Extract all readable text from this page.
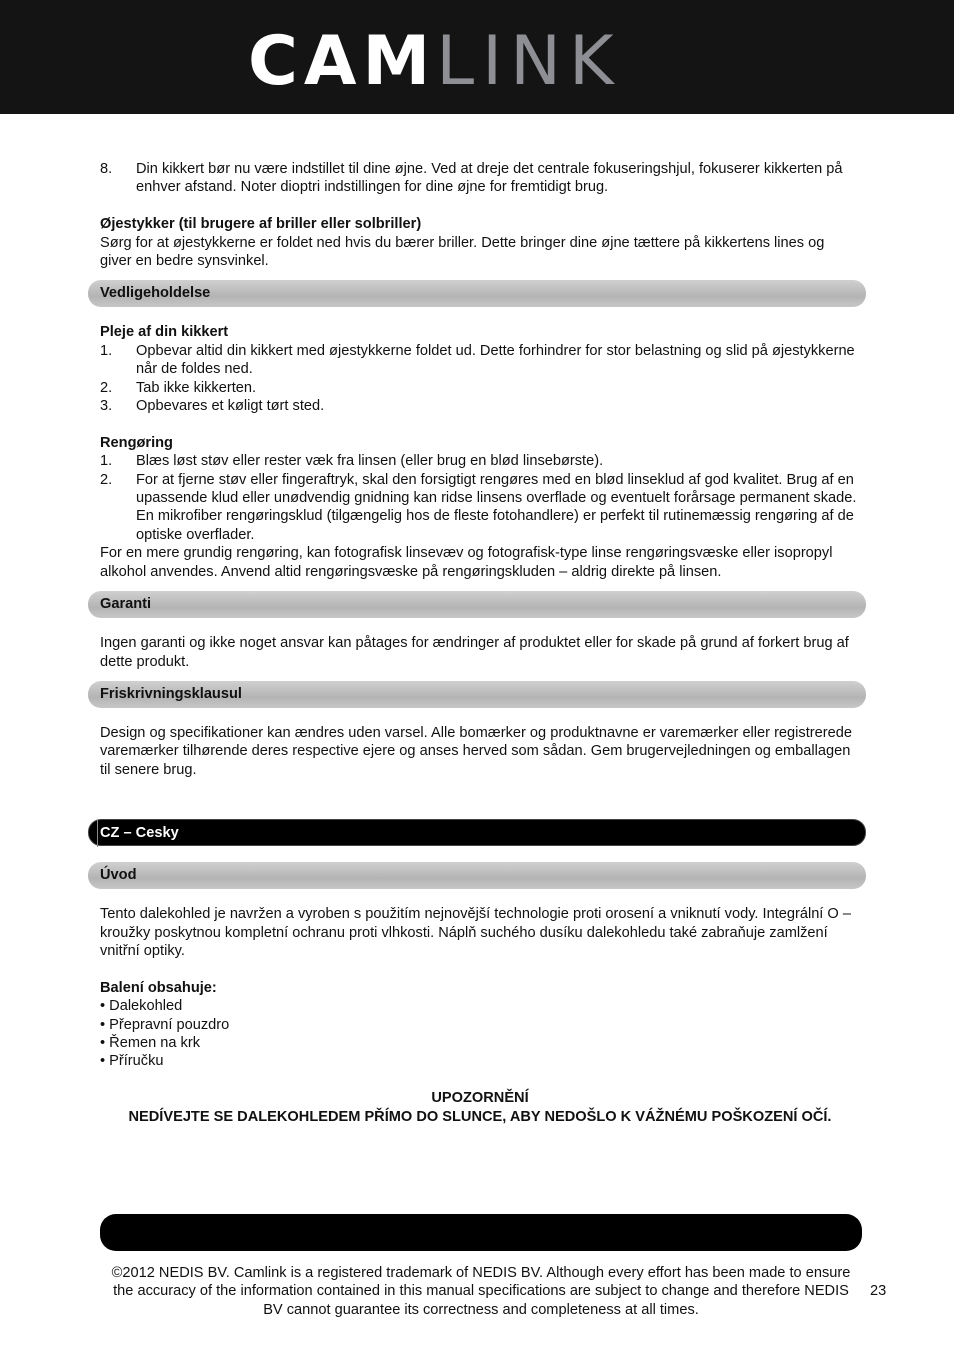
CAMLINK
8. Din kikkert bør nu være indstillet til dine øjne. Ved at dreje det centrale fokuseringshjul, fokuserer kikkerten på enhver afstand. Noter dioptri indstillingen for dine øjne for fremtidigt brug.
Øjestykker (til brugere af briller eller solbriller)

Sørg for at øjestykkerne er foldet ned hvis du bærer briller. Dette bringer dine øjne tættere på kikkertens lines og giver en bedre synsvinkel.

Vedligeholdelse
Pleje af din kikkert
1. Opbevar altid din kikkert med øjestykkerne foldet ud. Dette forhindrer for stor belastning og slid på øjestykkerne når de foldes ned.
2. Tab ikke kikkerten.
3. Opbevares et køligt tørt sted.
Rengøring
1. Blæs løst støv eller rester væk fra linsen (eller brug en blød linsebørste).
2. For at fjerne støv eller fingeraftryk, skal den forsigtigt rengøres med en blød linseklud af god kvalitet. Brug af en upassende klud eller unødvendig gnidning kan ridse linsens overflade og eventuelt forårsage permanent skade. En mikrofiber rengøringsklud (tilgængelig hos de fleste fotohandlere) er perfekt til rutinemæssig rengøring af de optiske overflader.

For en mere grundig rengøring, kan fotografisk linsevæv og fotografisk-type linse rengøringsvæske eller isopropyl alkohol anvendes. Anvend altid rengøringsvæske på rengøringskluden – aldrig direkte på linsen.

Garanti

Ingen garanti og ikke noget ansvar kan påtages for ændringer af produktet eller for skade på grund af forkert brug af dette produkt.

Friskrivningsklausul

Design og specifikationer kan ændres uden varsel. Alle bomærker og produktnavne er varemærker eller registrerede varemærker tilhørende deres respective ejere og anses herved som sådan. Gem brugervejledningen og emballagen til senere brug.

CZ – Cesky
Úvod

Tento dalekohled je navržen a vyroben s použitím nejnovější technologie proti orosení a vniknutí vody. Integrální O – kroužky poskytnou kompletní ochranu proti vlhkosti. Náplň suchého dusíku dalekohledu také zabraňuje zamlžení vnitřní optiky.

Balení obsahuje:
• Dalekohled
• Přepravní pouzdro
• Řemen na krk
• Příručku
UPOZORNĚNÍ
NEDÍVEJTE SE DALEKOHLEDEM PŘÍMO DO SLUNCE, ABY NEDOŠLO K VÁŽNÉMU POŠKOZENÍ OČÍ.
©2012 NEDIS BV. Camlink is a registered trademark of NEDIS BV. Although every effort has been made to ensure the accuracy of the information contained in this manual specifications are subject to change and therefore NEDIS BV cannot guarantee its correctness and completeness at all times.
23
